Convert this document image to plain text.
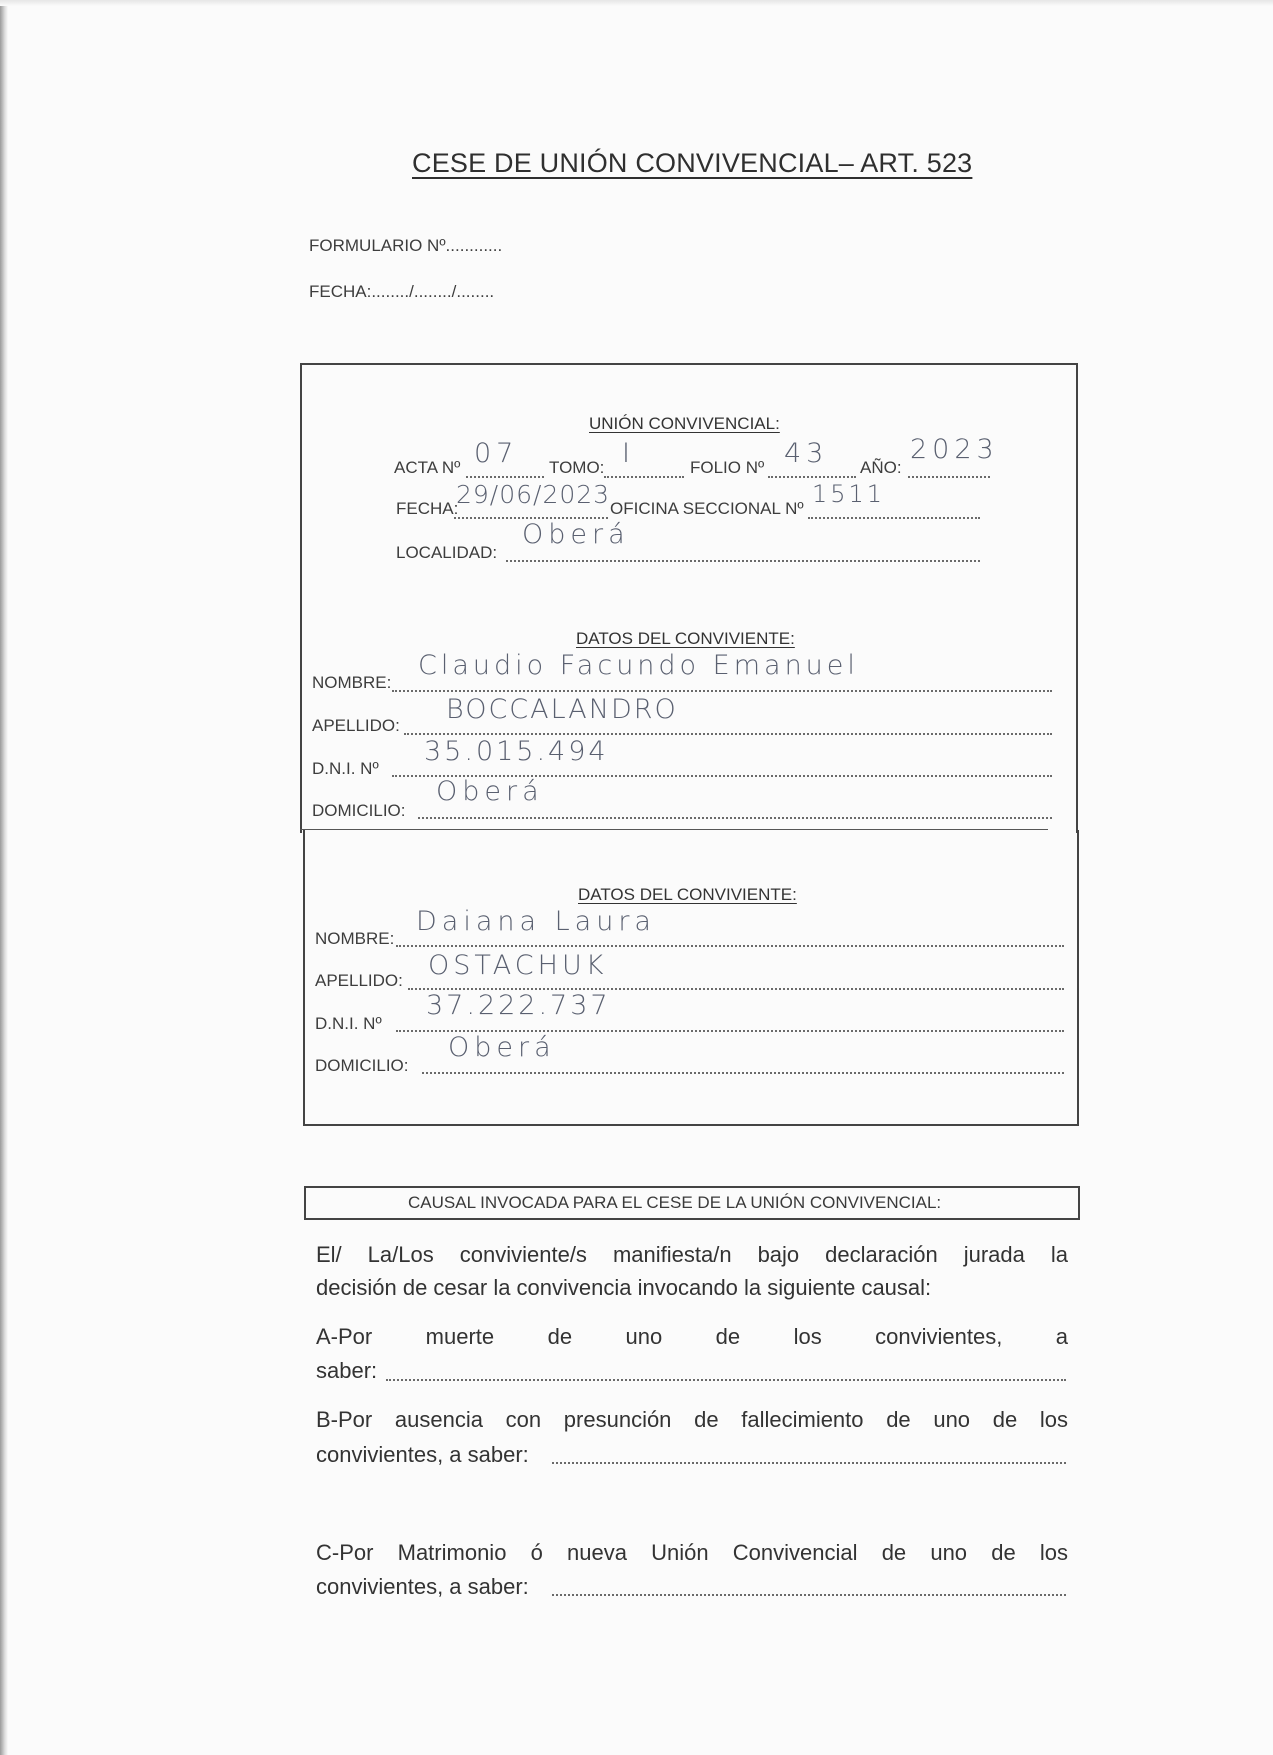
CESE DE UNIÓN CONVIVENCIAL– ART. 523
FORMULARIO Nº............
FECHA:......../......../........
UNIÓN CONVIVENCIAL:
ACTA Nº 07 TOMO: I	FOLIO Nº 43 AÑO:
2023
FECHA:
29/06/2023 OFICINA SECCIONAL Nº
1511
LOCALIDAD:
Oberá
DATOS DEL CONVIVIENTE:
NOMBRE:
Claudio Facundo Emanuel
APELLIDO:
BOCCALANDRO
D.N.I. Nº
35.015.494
DOMICILIO:
Oberá
DATOS DEL CONVIVIENTE:
NOMBRE:
Daiana Laura
APELLIDO: OSTACHUK
D.N.I. Nº
37.222.737
DOMICILIO:
Oberá
CAUSAL INVOCADA PARA EL CESE DE LA UNIÓN CONVIVENCIAL:
El/ La/Los conviviente/s manifiesta/n bajo declaración jurada la
decisión de cesar la convivencia invocando la siguiente causal:
A-Por muerte de uno de los convivientes, a
saber:
B-Por ausencia con presunción de fallecimiento de uno de los
convivientes, a saber:
C-Por Matrimonio ó nueva Unión Convivencial de uno de los
convivientes, a saber:
